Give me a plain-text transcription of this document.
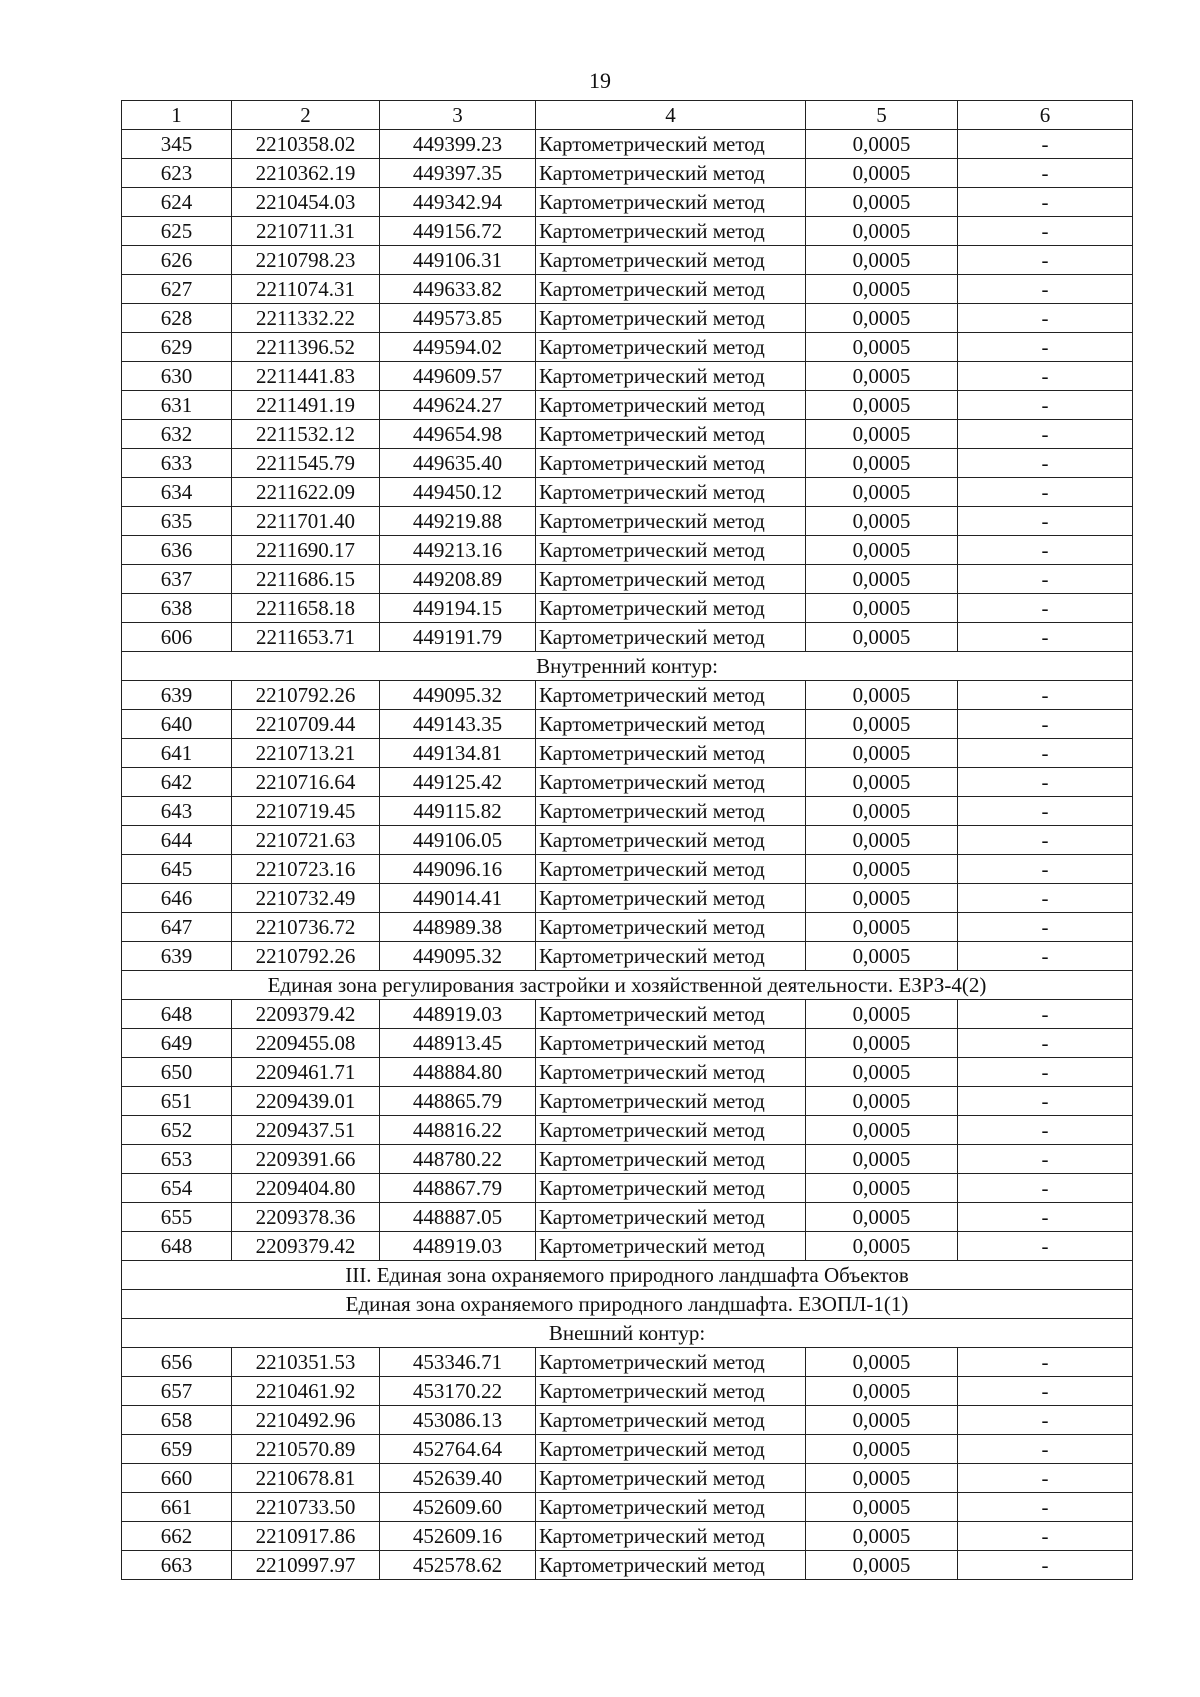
19
1	2	3	4	5	6
345	2210358.02	449399.23	Картометрический метод	0,0005	-
623	2210362.19	449397.35	Картометрический метод	0,0005	-
624	2210454.03	449342.94	Картометрический метод	0,0005	-
625	2210711.31	449156.72	Картометрический метод	0,0005	-
626	2210798.23	449106.31	Картометрический метод	0,0005	-
627	2211074.31	449633.82	Картометрический метод	0,0005	-
628	2211332.22	449573.85	Картометрический метод	0,0005	-
629	2211396.52	449594.02	Картометрический метод	0,0005	-
630	2211441.83	449609.57	Картометрический метод	0,0005	-
631	2211491.19	449624.27	Картометрический метод	0,0005	-
632	2211532.12	449654.98	Картометрический метод	0,0005	-
633	2211545.79	449635.40	Картометрический метод	0,0005	-
634	2211622.09	449450.12	Картометрический метод	0,0005	-
635	2211701.40	449219.88	Картометрический метод	0,0005	-
636	2211690.17	449213.16	Картометрический метод	0,0005	-
637	2211686.15	449208.89	Картометрический метод	0,0005	-
638	2211658.18	449194.15	Картометрический метод	0,0005	-
606	2211653.71	449191.79	Картометрический метод	0,0005	-
Внутренний контур:					
639	2210792.26	449095.32	Картометрический метод	0,0005	-
640	2210709.44	449143.35	Картометрический метод	0,0005	-
641	2210713.21	449134.81	Картометрический метод	0,0005	-
642	2210716.64	449125.42	Картометрический метод	0,0005	-
643	2210719.45	449115.82	Картометрический метод	0,0005	-
644	2210721.63	449106.05	Картометрический метод	0,0005	-
645	2210723.16	449096.16	Картометрический метод	0,0005	-
646	2210732.49	449014.41	Картометрический метод	0,0005	-
647	2210736.72	448989.38	Картометрический метод	0,0005	-
639	2210792.26	449095.32	Картометрический метод	0,0005	-
Единая зона регулирования застройки и хозяйственной деятельности. ЕЗРЗ-4(2)					
648	2209379.42	448919.03	Картометрический метод	0,0005	-
649	2209455.08	448913.45	Картометрический метод	0,0005	-
650	2209461.71	448884.80	Картометрический метод	0,0005	-
651	2209439.01	448865.79	Картометрический метод	0,0005	-
652	2209437.51	448816.22	Картометрический метод	0,0005	-
653	2209391.66	448780.22	Картометрический метод	0,0005	-
654	2209404.80	448867.79	Картометрический метод	0,0005	-
655	2209378.36	448887.05	Картометрический метод	0,0005	-
648	2209379.42	448919.03	Картометрический метод	0,0005	-
III. Единая зона охраняемого природного ландшафта Объектов					
Единая зона охраняемого природного ландшафта. ЕЗОПЛ-1(1)					
Внешний контур:					
656	2210351.53	453346.71	Картометрический метод	0,0005	-
657	2210461.92	453170.22	Картометрический метод	0,0005	-
658	2210492.96	453086.13	Картометрический метод	0,0005	-
659	2210570.89	452764.64	Картометрический метод	0,0005	-
660	2210678.81	452639.40	Картометрический метод	0,0005	-
661	2210733.50	452609.60	Картометрический метод	0,0005	-
662	2210917.86	452609.16	Картометрический метод	0,0005	-
663	2210997.97	452578.62	Картометрический метод	0,0005	-
